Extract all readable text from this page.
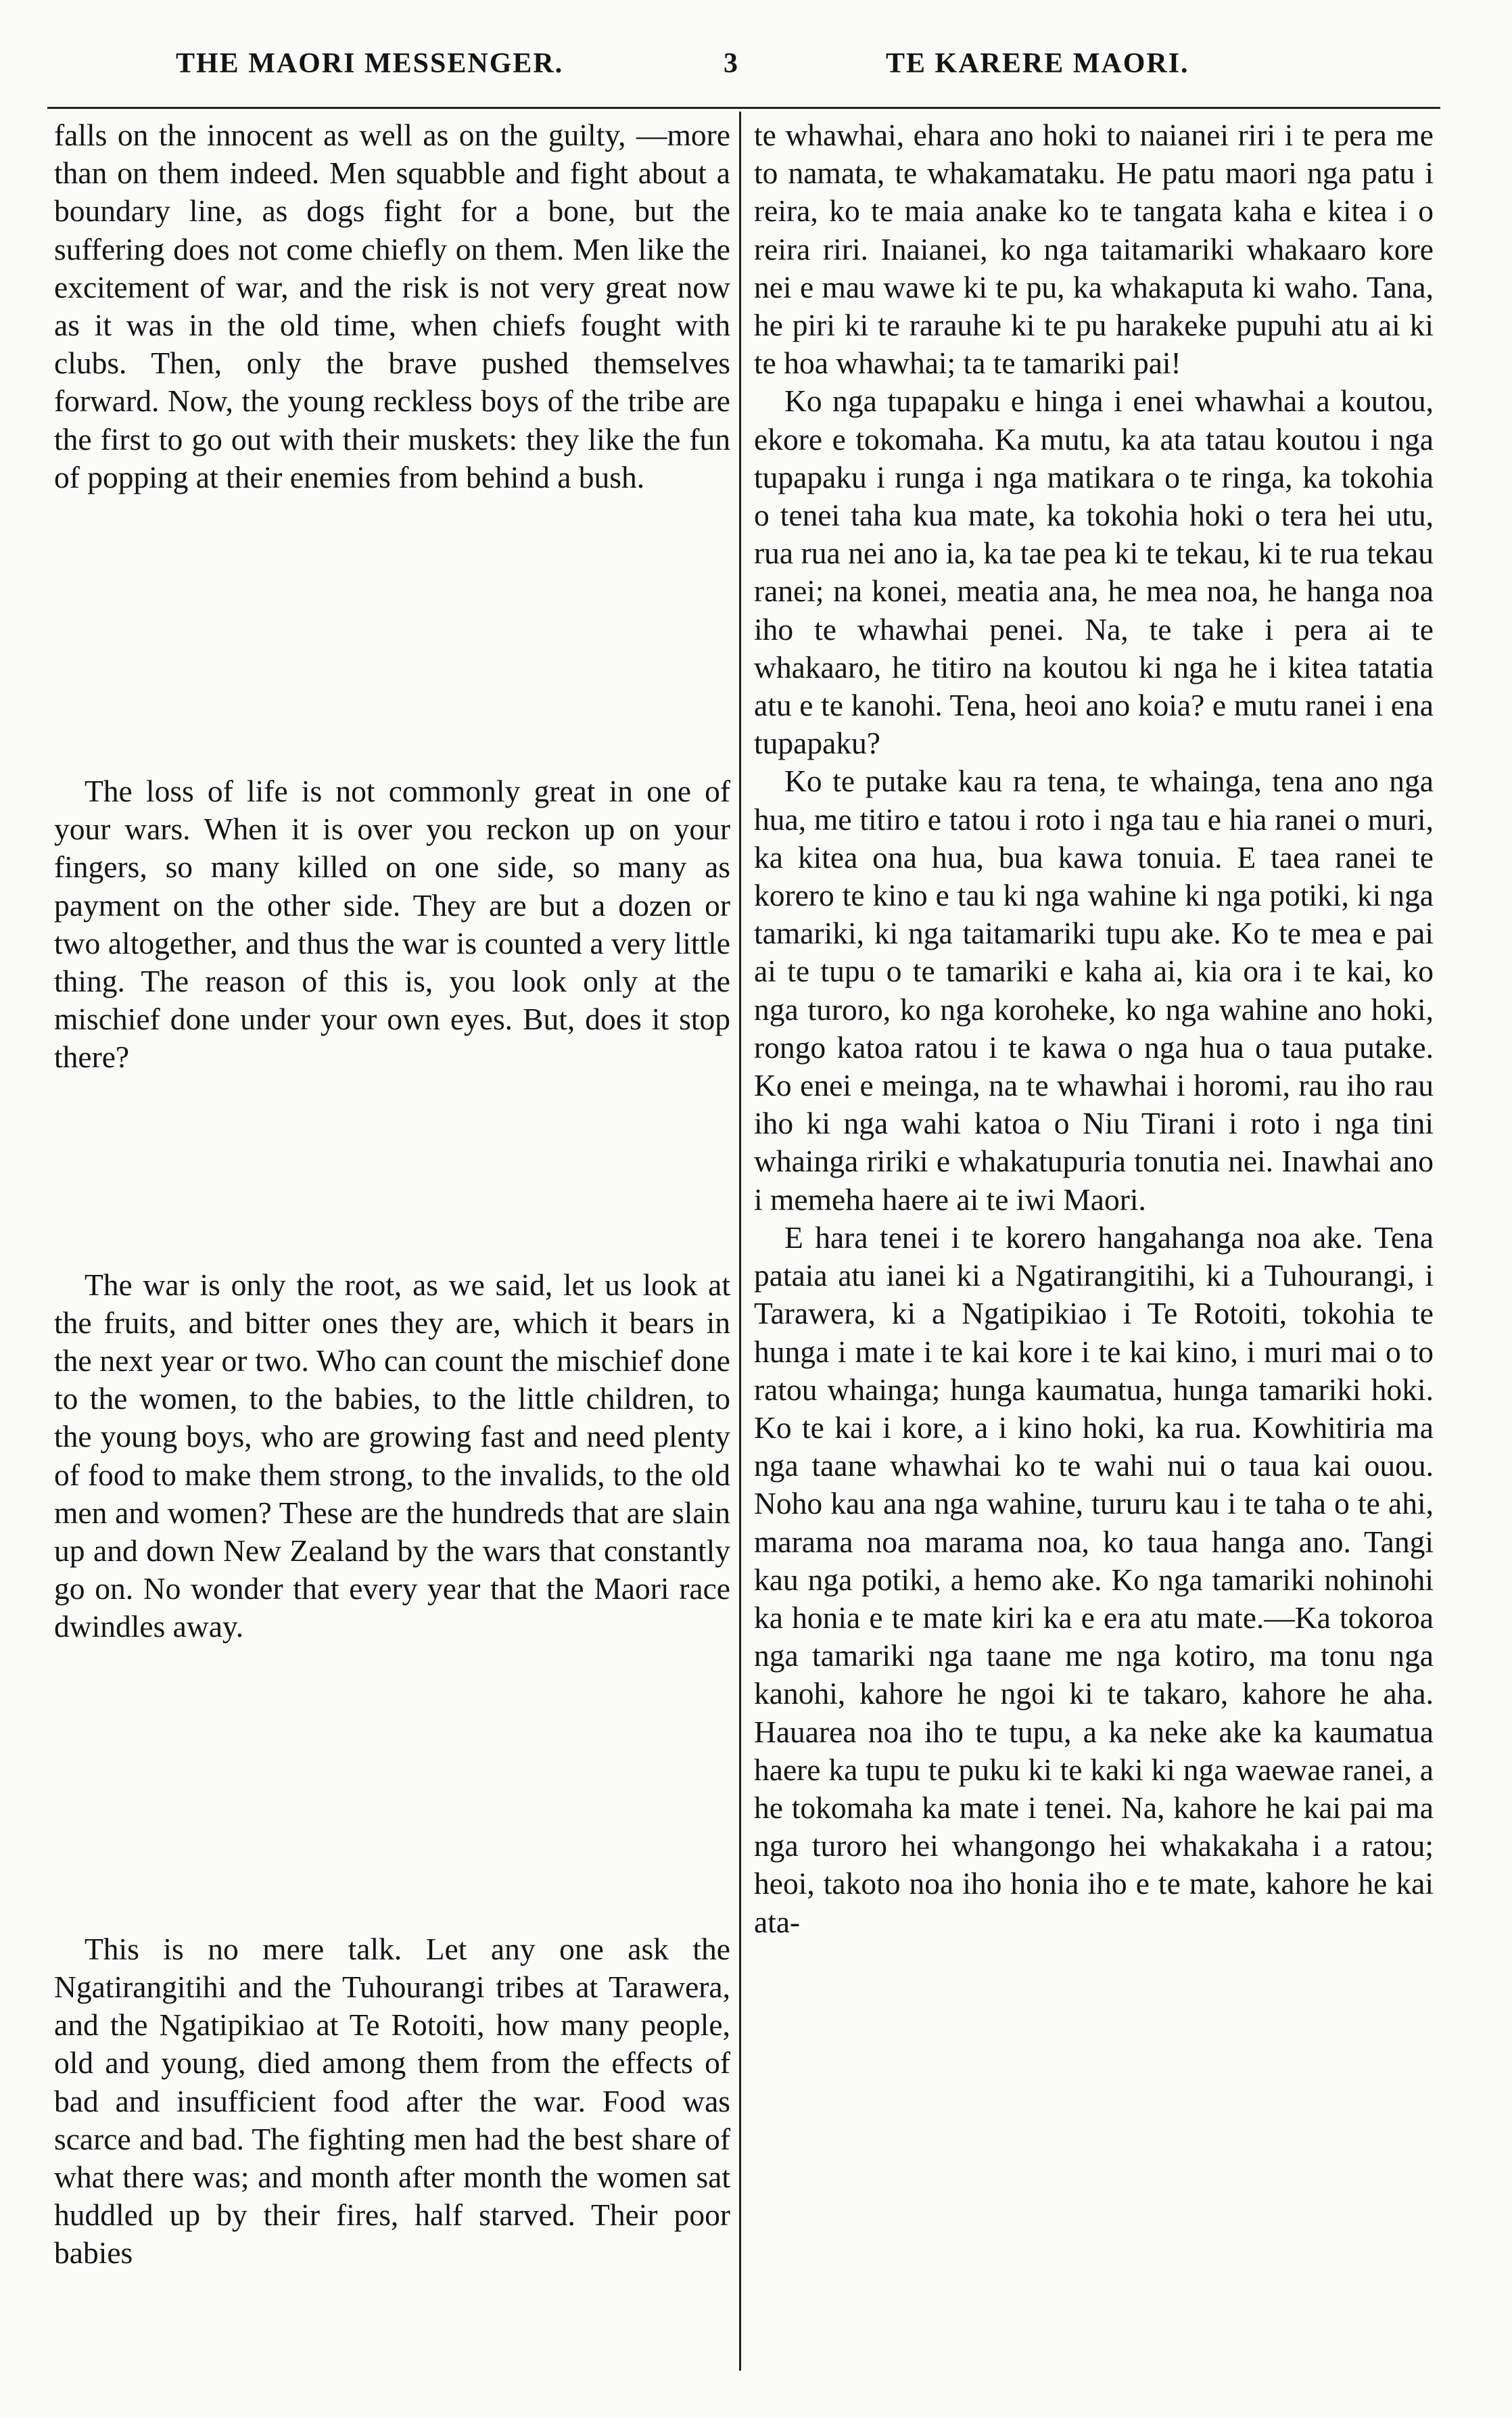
THE MAORI MESSENGER.	3	TE KARERE MAORI.

falls on the innocent as well as on the guilty, —more than on them indeed. Men squabble and fight about a boundary line, as dogs fight for a bone, but the suffering does not come chiefly on them. Men like the excitement of war, and the risk is not very great now as it was in the old time, when chiefs fought with clubs. Then, only the brave pushed themselves forward. Now, the young reckless boys of the tribe are the first to go out with their muskets: they like the fun of popping at their enemies from behind a bush.

The loss of life is not commonly great in one of your wars. When it is over you reckon up on your fingers, so many killed on one side, so many as payment on the other side. They are but a dozen or two altogether, and thus the war is counted a very little thing. The reason of this is, you look only at the mischief done under your own eyes. But, does it stop there?

The war is only the root, as we said, let us look at the fruits, and bitter ones they are, which it bears in the next year or two. Who can count the mischief done to the women, to the babies, to the little children, to the young boys, who are growing fast and need plenty of food to make them strong, to the invalids, to the old men and women? These are the hundreds that are slain up and down New Zealand by the wars that constantly go on. No wonder that every year that the Maori race dwindles away.

This is no mere talk. Let any one ask the Ngatirangitihi and the Tuhourangi tribes at Tarawera, and the Ngatipikiao at Te Rotoiti, how many people, old and young, died among them from the effects of bad and insufficient food after the war. Food was scarce and bad. The fighting men had the best share of what there was; and month after month the women sat huddled up by their fires, half starved. Their poor babies

te whawhai, ehara ano hoki to naianei riri i te pera me to namata, te whakamataku. He patu maori nga patu i reira, ko te maia anake ko te tangata kaha e kitea i o reira riri. Inaianei, ko nga taitamariki whakaaro kore nei e mau wawe ki te pu, ka whakaputa ki waho. Tana, he piri ki te rarauhe ki te pu harakeke pupuhi atu ai ki te hoa whawhai; ta te tamariki pai!

Ko nga tupapaku e hinga i enei whawhai a koutou, ekore e tokomaha. Ka mutu, ka ata tatau koutou i nga tupapaku i runga i nga matikara o te ringa, ka tokohia o tenei taha kua mate, ka tokohia hoki o tera hei utu, rua rua nei ano ia, ka tae pea ki te tekau, ki te rua tekau ranei; na konei, meatia ana, he mea noa, he hanga noa iho te whawhai penei. Na, te take i pera ai te whakaaro, he titiro na koutou ki nga he i kitea tatatia atu e te kanohi. Tena, heoi ano koia? e mutu ranei i ena tupapaku?

Ko te putake kau ra tena, te whainga, tena ano nga hua, me titiro e tatou i roto i nga tau e hia ranei o muri, ka kitea ona hua, bua kawa tonuia. E taea ranei te korero te kino e tau ki nga wahine ki nga potiki, ki nga tamariki, ki nga taitamariki tupu ake. Ko te mea e pai ai te tupu o te tamariki e kaha ai, kia ora i te kai, ko nga turoro, ko nga koroheke, ko nga wahine ano hoki, rongo katoa ratou i te kawa o nga hua o taua putake. Ko enei e meinga, na te whawhai i horomi, rau iho rau iho ki nga wahi katoa o Niu Tirani i roto i nga tini whainga ririki e whakatupuria tonutia nei. Inawhai ano i memeha haere ai te iwi Maori.

E hara tenei i te korero hangahanga noa ake. Tena pataia atu ianei ki a Ngatirangitihi, ki a Tuhourangi, i Tarawera, ki a Ngatipikiao i Te Rotoiti, tokohia te hunga i mate i te kai kore i te kai kino, i muri mai o to ratou whainga; hunga kaumatua, hunga tamariki hoki. Ko te kai i kore, a i kino hoki, ka rua. Kowhitiria ma nga taane whawhai ko te wahi nui o taua kai ouou. Noho kau ana nga wahine, tururu kau i te taha o te ahi, marama noa marama noa, ko taua hanga ano. Tangi kau nga potiki, a hemo ake. Ko nga tamariki nohinohi ka honia e te mate kiri ka e era atu mate.—Ka tokoroa nga tamariki nga taane me nga kotiro, ma tonu nga kanohi, kahore he ngoi ki te takaro, kahore he aha. Hauarea noa iho te tupu, a ka neke ake ka kaumatua haere ka tupu te puku ki te kaki ki nga waewae ranei, a he tokomaha ka mate i tenei. Na, kahore he kai pai ma nga turoro hei whangongo hei whakakaha i a ratou; heoi, takoto noa iho honia iho e te mate, kahore he kai ata-
